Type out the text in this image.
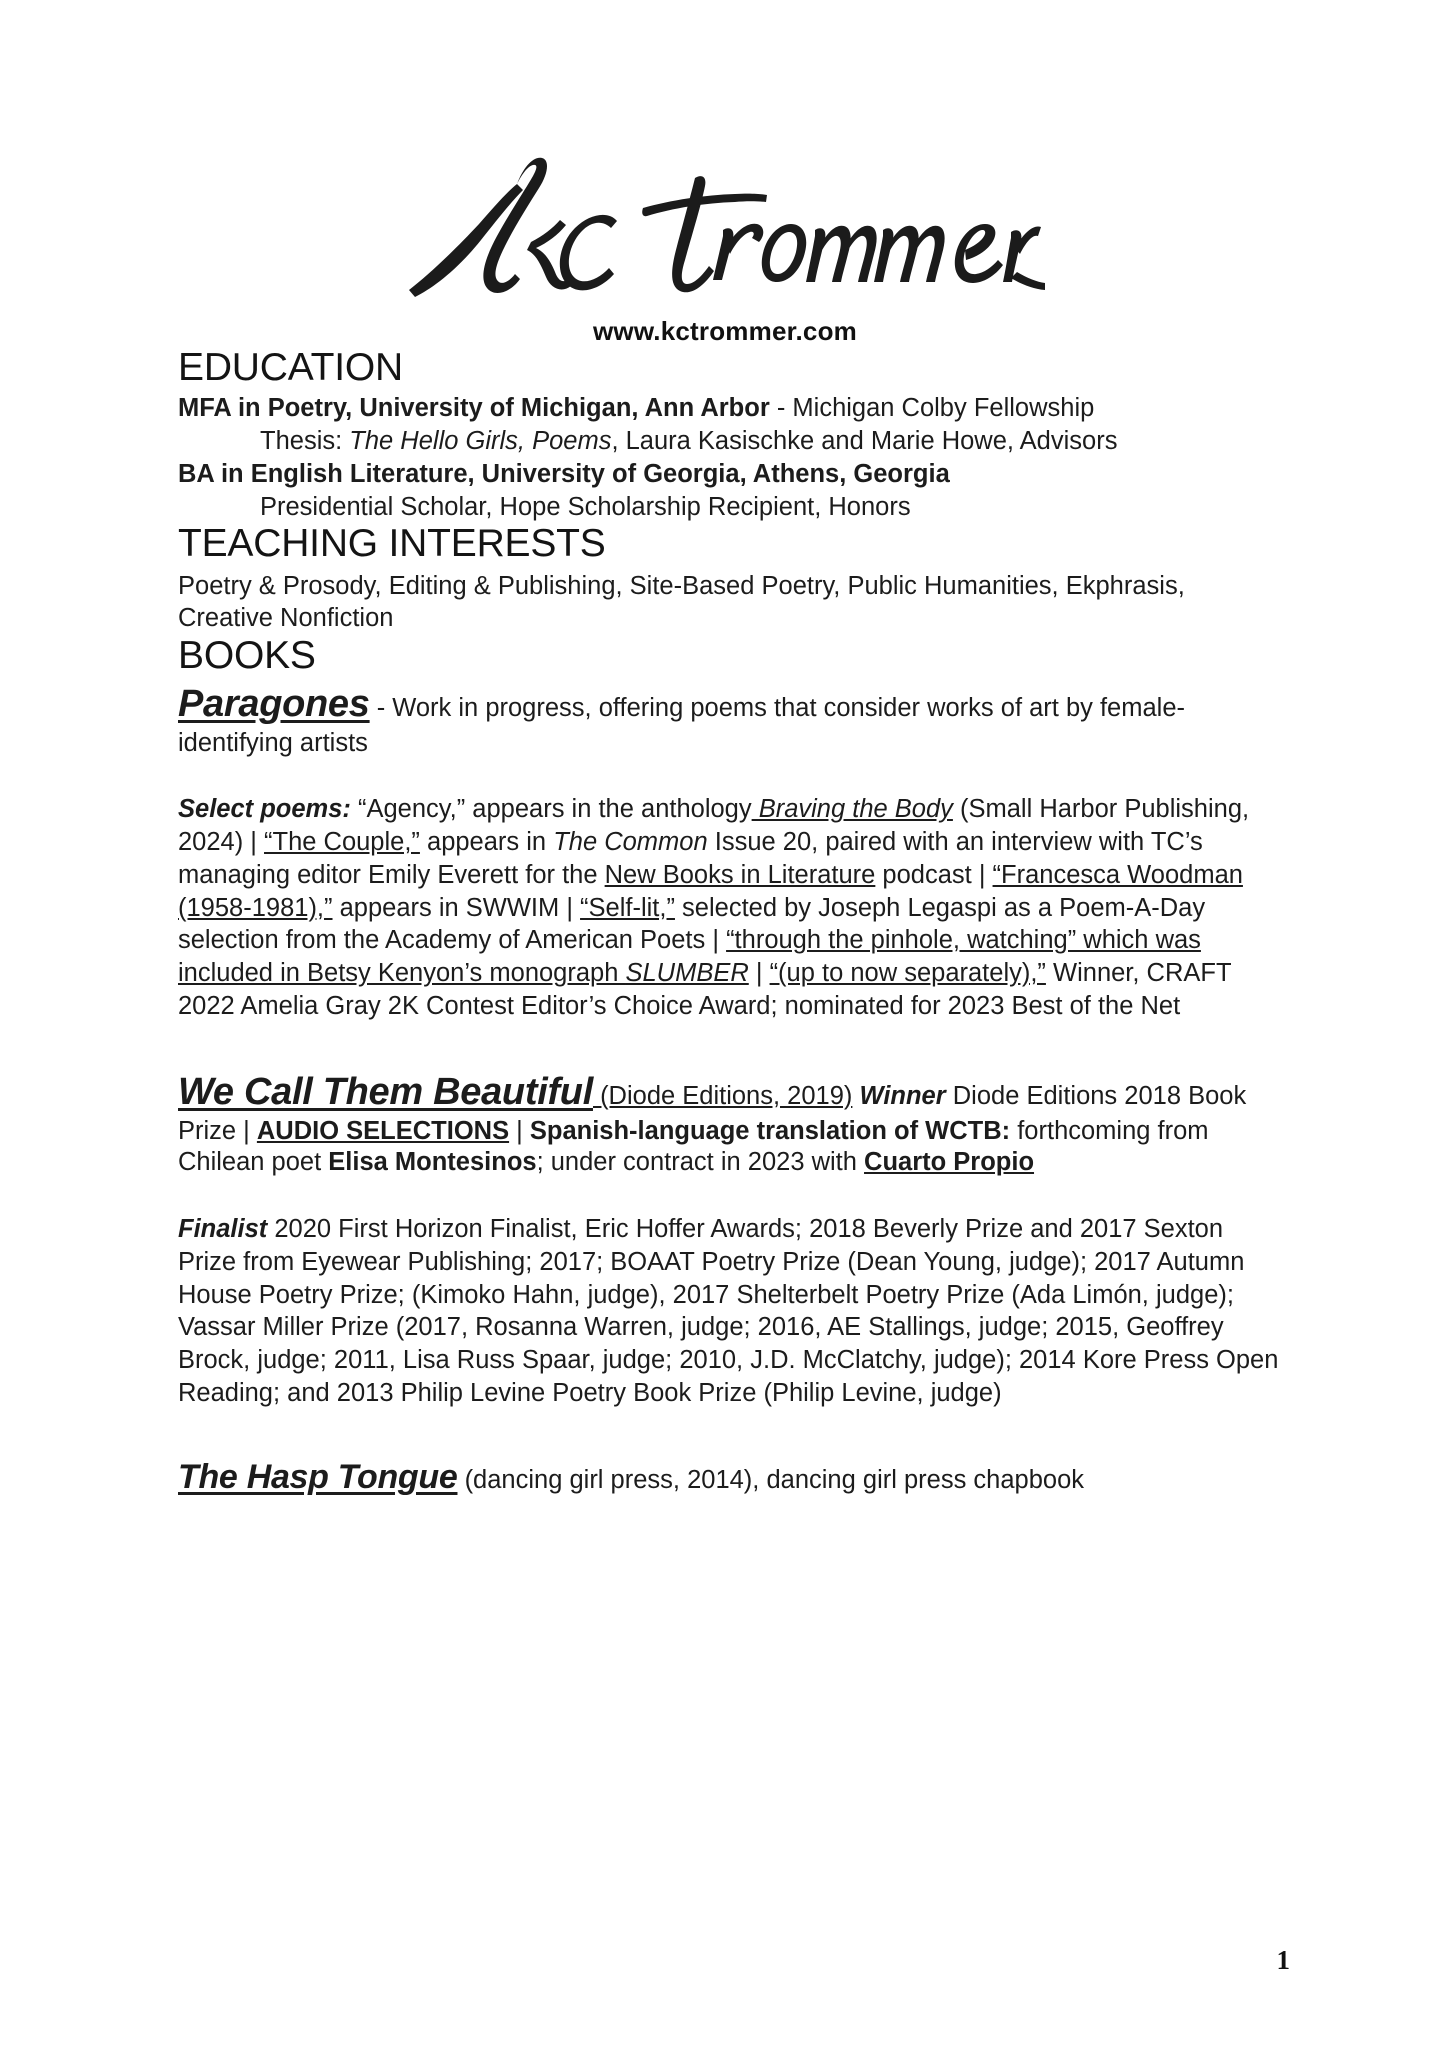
www.kctrommer.com
EDUCATION

MFA in Poetry, University of Michigan, Ann Arbor - Michigan Colby Fellowship

Thesis: The Hello Girls, Poems, Laura Kasischke and Marie Howe, Advisors

BA in English Literature, University of Georgia, Athens, Georgia

Presidential Scholar, Hope Scholarship Recipient, Honors

TEACHING INTERESTS

Poetry & Prosody, Editing & Publishing, Site-Based Poetry, Public Humanities, Ekphrasis, Creative Nonfiction

BOOKS

Paragones - Work in progress, offering poems that consider works of art by female-identifying artists

Select poems: “Agency,” appears in the anthology Braving the Body (Small Harbor Publishing, 2024) | “The Couple,” appears in The Common Issue 20, paired with an interview with TC’s managing editor Emily Everett for the New Books in Literature podcast | “Francesca Woodman (1958-1981),” appears in SWWIM | “Self-lit,” selected by Joseph Legaspi as a Poem-A-Day selection from the Academy of American Poets | “through the pinhole, watching” which was included in Betsy Kenyon’s monograph SLUMBER | “(up to now separately),” Winner, CRAFT 2022 Amelia Gray 2K Contest Editor’s Choice Award; nominated for 2023 Best of the Net

We Call Them Beautiful (Diode Editions, 2019) Winner Diode Editions 2018 Book Prize | AUDIO SELECTIONS | Spanish-language translation of WCTB: forthcoming from Chilean poet Elisa Montesinos; under contract in 2023 with Cuarto Propio

Finalist 2020 First Horizon Finalist, Eric Hoffer Awards; 2018 Beverly Prize and 2017 Sexton Prize from Eyewear Publishing; 2017; BOAAT Poetry Prize (Dean Young, judge); 2017 Autumn House Poetry Prize; (Kimoko Hahn, judge), 2017 Shelterbelt Poetry Prize (Ada Limón, judge); Vassar Miller Prize (2017, Rosanna Warren, judge; 2016, AE Stallings, judge; 2015, Geoffrey Brock, judge; 2011, Lisa Russ Spaar, judge; 2010, J.D. McClatchy, judge); 2014 Kore Press Open Reading; and 2013 Philip Levine Poetry Book Prize (Philip Levine, judge)

The Hasp Tongue (dancing girl press, 2014), dancing girl press chapbook

1
